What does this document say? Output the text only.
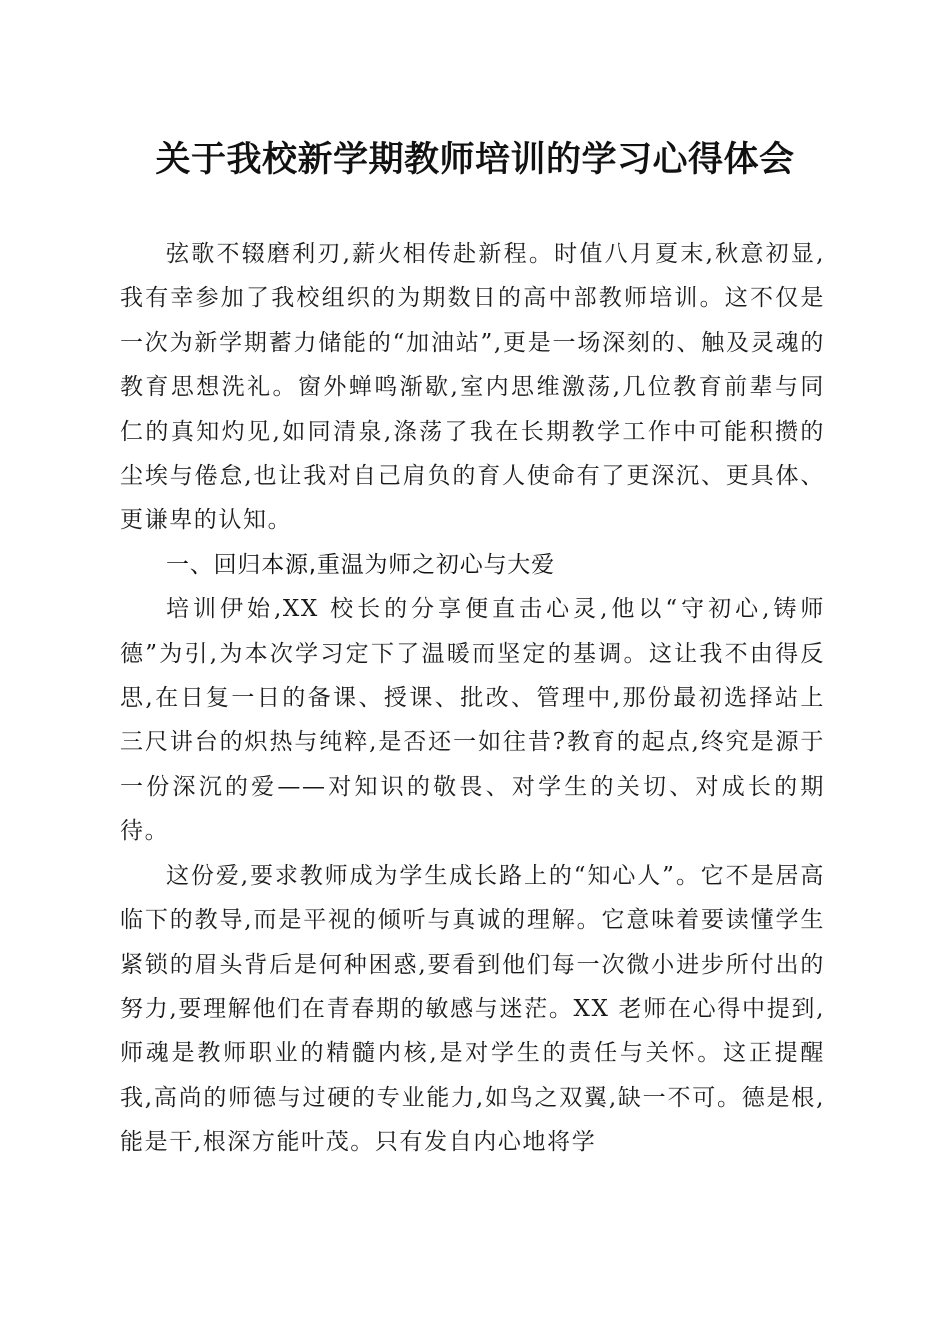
关于我校新学期教师培训的学习心得体会

弦歌不辍磨利刃,薪火相传赴新程。时值八月夏末,秋意初显,我有幸参加了我校组织的为期数日的高中部教师培训。这不仅是一次为新学期蓄力储能的“加油站”,更是一场深刻的、触及灵魂的教育思想洗礼。窗外蝉鸣渐歇,室内思维激荡,几位教育前辈与同仁的真知灼见,如同清泉,涤荡了我在长期教学工作中可能积攒的尘埃与倦怠,也让我对自己肩负的育人使命有了更深沉、更具体、更谦卑的认知。

一、回归本源,重温为师之初心与大爱

培训伊始,XX 校长的分享便直击心灵,他以“守初心,铸师德”为引,为本次学习定下了温暖而坚定的基调。这让我不由得反思,在日复一日的备课、授课、批改、管理中,那份最初选择站上三尺讲台的炽热与纯粹,是否还一如往昔?教育的起点,终究是源于一份深沉的爱——对知识的敬畏、对学生的关切、对成长的期待。

这份爱,要求教师成为学生成长路上的“知心人”。它不是居高临下的教导,而是平视的倾听与真诚的理解。它意味着要读懂学生紧锁的眉头背后是何种困惑,要看到他们每一次微小进步所付出的努力,要理解他们在青春期的敏感与迷茫。XX 老师在心得中提到,师魂是教师职业的精髓内核,是对学生的责任与关怀。这正提醒我,高尚的师德与过硬的专业能力,如鸟之双翼,缺一不可。德是根,能是干,根深方能叶茂。只有发自内心地将学
